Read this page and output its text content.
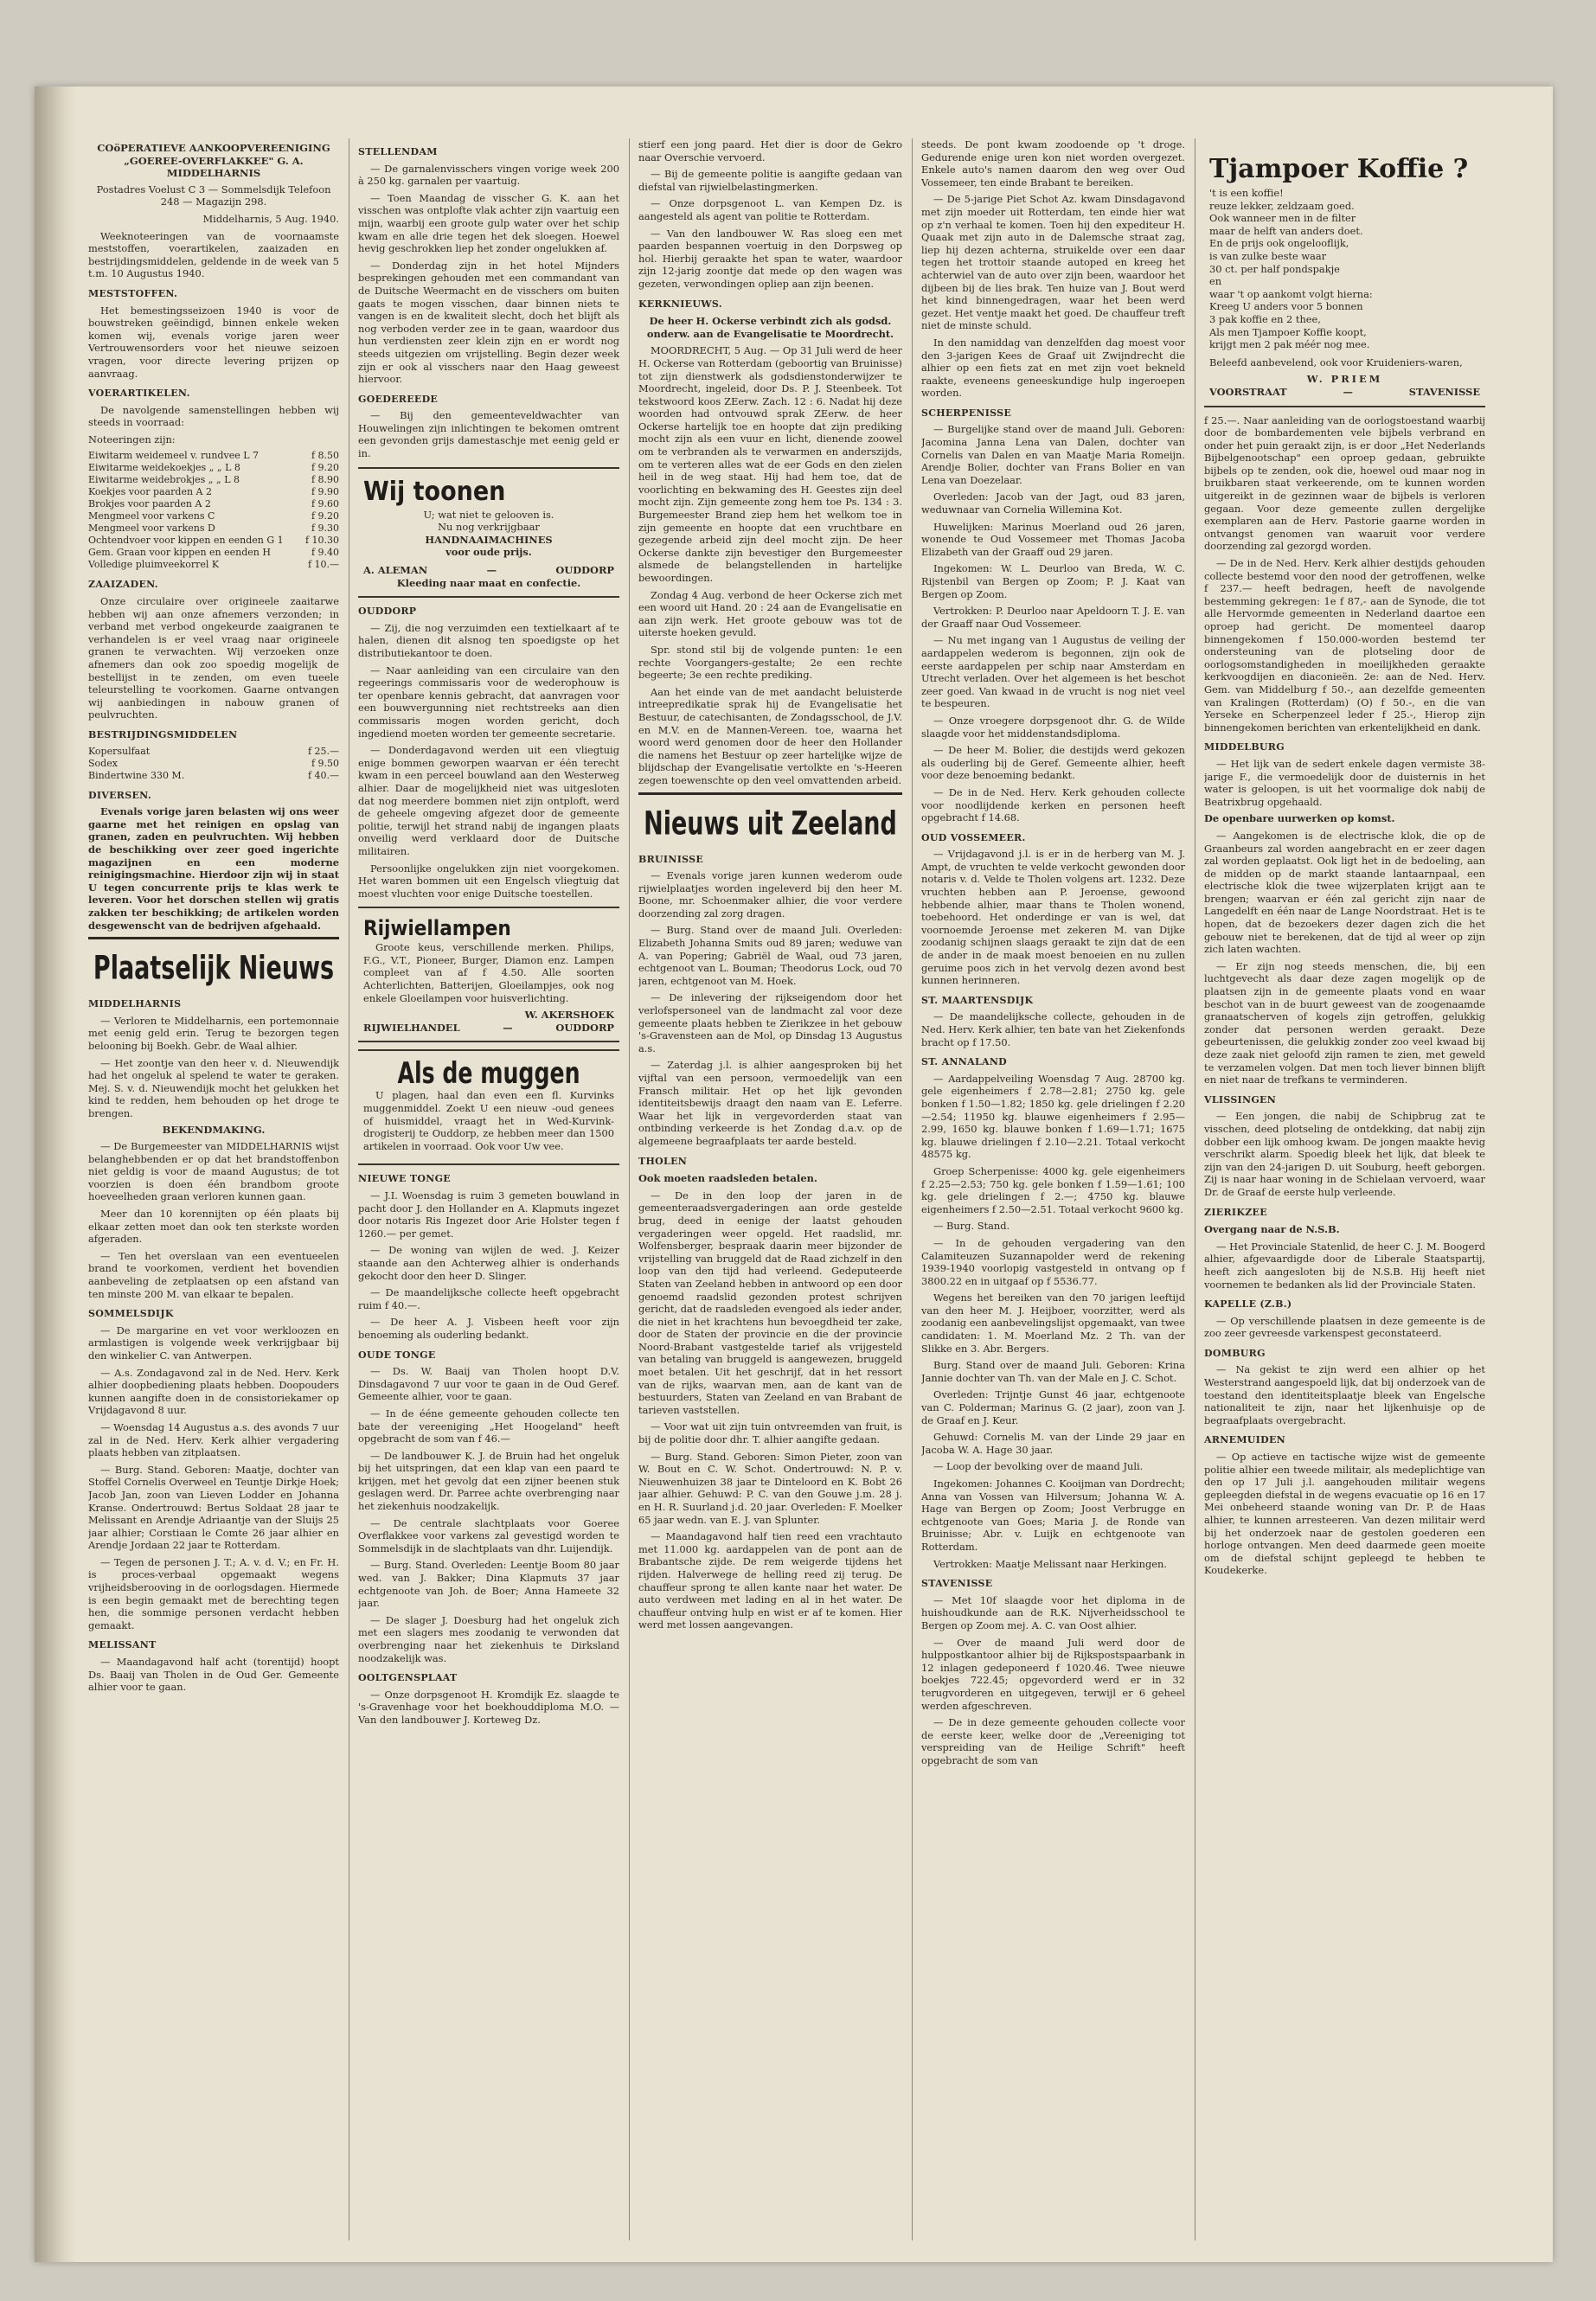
COöPERATIEVE AANKOOPVEREENIGING „GOEREE-OVERFLAKKEE" G. A. MIDDELHARNIS

Postadres Voelust C 3 — Sommelsdijk Telefoon 248 — Magazijn 298.

Middelharnis, 5 Aug. 1940.

Weeknoteeringen van de voornaamste meststoffen, voerartikelen, zaaizaden en bestrijdingsmiddelen, geldende in de week van 5 t.m. 10 Augustus 1940.

MESTSTOFFEN.

Het bemestingsseizoen 1940 is voor de bouwstreken geëindigd, binnen enkele weken komen wij, evenals vorige jaren weer Vertrouwensorders voor het nieuwe seizoen vragen, voor directe levering prijzen op aanvraag.

VOERARTIKELEN.

De navolgende samenstellingen hebben wij steeds in voorraad:

Noteeringen zijn:

Eiwitarm weidemeel v. rundvee L 7	f 8.50
Eiwitarme weidekoekjes „ „ L 8	f 9.20
Eiwitarme weidebrokjes „ „ L 8	f 8.90
Koekjes voor paarden A 2	f 9.90
Brokjes voor paarden A 2	f 9.60
Mengmeel voor varkens C	f 9.20
Mengmeel voor varkens D	f 9.30
Ochtendvoer voor kippen en eenden G 1	f 10.30
Gem. Graan voor kippen en eenden H	f 9.40
Volledige pluimveekorrel K	f 10.—
ZAAIZADEN.

Onze circulaire over origineele zaaitarwe hebben wij aan onze afnemers verzonden; in verband met verbod ongekeurde zaaigranen te verhandelen is er veel vraag naar origineele granen te verwachten. Wij verzoeken onze afnemers dan ook zoo spoedig mogelijk de bestellijst in te zenden, om even tueele teleurstelling te voorkomen. Gaarne ontvangen wij aanbiedingen in nabouw granen of peulvruchten.

BESTRIJDINGSMIDDELEN
Kopersulfaat	f 25.—
Sodex	f 9.50
Bindertwine 330 M.	f 40.—
DIVERSEN.

Evenals vorige jaren belasten wij ons weer gaarne met het reinigen en opslag van granen, zaden en peulvruchten. Wij hebben de beschikking over zeer goed ingerichte magazijnen en een moderne reinigingsmachine. Hierdoor zijn wij in staat U tegen concurrente prijs te klas werk te leveren. Voor het dorschen stellen wij gratis zakken ter beschikking; de artikelen worden desgewenscht van de bedrijven afgehaald.

Plaatselijk Nieuws
MIDDELHARNIS

— Verloren te Middelharnis, een portemonnaie met eenig geld erin. Terug te bezorgen tegen belooning bij Boekh. Gebr. de Waal alhier.

— Het zoontje van den heer v. d. Nieuwendijk had het ongeluk al spelend te water te geraken. Mej. S. v. d. Nieuwendijk mocht het gelukken het kind te redden, hem behouden op het droge te brengen.

BEKENDMAKING.

— De Burgemeester van MIDDELHARNIS wijst belanghebbenden er op dat het brandstoffenbon niet geldig is voor de maand Augustus; de tot voorzien is doen één brandbom groote hoeveelheden graan verloren kunnen gaan.

Meer dan 10 korennijten op één plaats bij elkaar zetten moet dan ook ten sterkste worden afgeraden.

— Ten het overslaan van een eventueelen brand te voorkomen, verdient het bovendien aanbeveling de zetplaatsen op een afstand van ten minste 200 M. van elkaar te bepalen.

SOMMELSDIJK

— De margarine en vet voor werkloozen en armlastigen is volgende week verkrijgbaar bij den winkelier C. van Antwerpen.

— A.s. Zondagavond zal in de Ned. Herv. Kerk alhier doopbediening plaats hebben. Doopouders kunnen aangifte doen in de consistoriekamer op Vrijdagavond 8 uur.

— Woensdag 14 Augustus a.s. des avonds 7 uur zal in de Ned. Herv. Kerk alhier vergadering plaats hebben van zitplaatsen.

— Burg. Stand. Geboren: Maatje, dochter van Stoffel Cornelis Overweel en Teuntje Dirkje Hoek; Jacob Jan, zoon van Lieven Lodder en Johanna Kranse. Ondertrouwd: Bertus Soldaat 28 jaar te Melissant en Arendje Adriaantje van der Sluijs 25 jaar alhier; Corstiaan le Comte 26 jaar alhier en Arendje Jordaan 22 jaar te Rotterdam.

— Tegen de personen J. T.; A. v. d. V.; en Fr. H. is proces-verbaal opgemaakt wegens vrijheidsberooving in de oorlogsdagen. Hiermede is een begin gemaakt met de berechting tegen hen, die sommige personen verdacht hebben gemaakt.

MELISSANT

— Maandagavond half acht (torentijd) hoopt Ds. Baaij van Tholen in de Oud Ger. Gemeente alhier voor te gaan.

STELLENDAM

— De garnalenvisschers vingen vorige week 200 à 250 kg. garnalen per vaartuig.

— Toen Maandag de visscher G. K. aan het visschen was ontplofte vlak achter zijn vaartuig een mijn, waarbij een groote gulp water over het schip kwam en alle drie tegen het dek sloegen. Hoewel hevig geschrokken liep het zonder ongelukken af.

— Donderdag zijn in het hotel Mijnders besprekingen gehouden met een commandant van de Duitsche Weermacht en de visschers om buiten gaats te mogen visschen, daar binnen niets te vangen is en de kwaliteit slecht, doch het blijft als nog verboden verder zee in te gaan, waardoor dus hun verdiensten zeer klein zijn en er wordt nog steeds uitgezien om vrijstelling. Begin dezer week zijn er ook al visschers naar den Haag geweest hiervoor.

GOEDEREEDE

— Bij den gemeenteveldwachter van Houwelingen zijn inlichtingen te bekomen omtrent een gevonden grijs damestaschje met eenig geld er in.

Wij toonen
U; wat niet te gelooven is.
Nu nog verkrijgbaar
HANDNAAIMACHINES
voor oude prijs.
A. ALEMAN	—	OUDDORP
Kleeding naar maat en confectie.
OUDDORP

— Zij, die nog verzuimden een textielkaart af te halen, dienen dit alsnog ten spoedigste op het distributiekantoor te doen.

— Naar aanleiding van een circulaire van den regeerings commissaris voor de wederophouw is ter openbare kennis gebracht, dat aanvragen voor een bouwvergunning niet rechtstreeks aan dien commissaris mogen worden gericht, doch ingediend moeten worden ter gemeente secretarie.

— Donderdagavond werden uit een vliegtuig enige bommen geworpen waarvan er één terecht kwam in een perceel bouwland aan den Westerweg alhier. Daar de mogelijkheid niet was uitgesloten dat nog meerdere bommen niet zijn ontploft, werd de geheele omgeving afgezet door de gemeente politie, terwijl het strand nabij de ingangen plaats onveilig werd verklaard door de Duitsche militairen.

Persoonlijke ongelukken zijn niet voorgekomen. Het waren bommen uit een Engelsch vliegtuig dat moest vluchten voor enige Duitsche toestellen.

Rijwiellampen

Groote keus, verschillende merken. Philips, F.G., V.T., Pioneer, Burger, Diamon enz. Lampen compleet van af f 4.50. Alle soorten Achterlichten, Batterijen, Gloeilampjes, ook nog enkele Gloeilampen voor huisverlichting.

W. AKERSHOEK
RIJWIELHANDEL	—	OUDDORP
Als de muggen

U plagen, haal dan even een fl. Kurvinks muggenmiddel. Zoekt U een nieuw -oud genees of huismiddel, vraagt het in Wed-Kurvink-drogisterij te Ouddorp, ze hebben meer dan 1500 artikelen in voorraad. Ook voor Uw vee.

NIEUWE TONGE

— J.I. Woensdag is ruim 3 gemeten bouwland in pacht door J. den Hollander en A. Klapmuts ingezet door notaris Ris Ingezet door Arie Holster tegen f 1260.— per gemet.

— De woning van wijlen de wed. J. Keizer staande aan den Achterweg alhier is onderhands gekocht door den heer D. Slinger.

— De maandelijksche collecte heeft opgebracht ruim f 40.—.

— De heer A. J. Visbeen heeft voor zijn benoeming als ouderling bedankt.

OUDE TONGE

— Ds. W. Baaij van Tholen hoopt D.V. Dinsdagavond 7 uur voor te gaan in de Oud Geref. Gemeente alhier, voor te gaan.

— In de ééne gemeente gehouden collecte ten bate der vereeniging „Het Hoogeland" heeft opgebracht de som van f 46.—

— De landbouwer K. J. de Bruin had het ongeluk bij het uitspringen, dat een klap van een paard te krijgen, met het gevolg dat een zijner beenen stuk geslagen werd. Dr. Parree achte overbrenging naar het ziekenhuis noodzakelijk.

— De centrale slachtplaats voor Goeree Overflakkee voor varkens zal gevestigd worden te Sommelsdijk in de slachtplaats van dhr. Luijendijk.

— Burg. Stand. Overleden: Leentje Boom 80 jaar wed. van J. Bakker; Dina Klapmuts 37 jaar echtgenoote van Joh. de Boer; Anna Hameete 32 jaar.

— De slager J. Doesburg had het ongeluk zich met een slagers mes zoodanig te verwonden dat overbrenging naar het ziekenhuis te Dirksland noodzakelijk was.

OOLTGENSPLAAT

— Onze dorpsgenoot H. Kromdijk Ez. slaagde te 's-Gravenhage voor het boekhouddiploma M.O. — Van den landbouwer J. Korteweg Dz.

stierf een jong paard. Het dier is door de Gekro naar Overschie vervoerd.

— Bij de gemeente politie is aangifte gedaan van diefstal van rijwielbelastingmerken.

— Onze dorpsgenoot L. van Kempen Dz. is aangesteld als agent van politie te Rotterdam.

— Van den landbouwer W. Ras sloeg een met paarden bespannen voertuig in den Dorpsweg op hol. Hierbij geraakte het span te water, waardoor zijn 12-jarig zoontje dat mede op den wagen was gezeten, verwondingen opliep aan zijn beenen.

KERKNIEUWS.
De heer H. Ockerse verbindt zich als godsd. onderw. aan de Evangelisatie te Moordrecht.

MOORDRECHT, 5 Aug. — Op 31 Juli werd de heer H. Ockerse van Rotterdam (geboortig van Bruinisse) tot zijn dienstwerk als godsdienstonderwijzer te Moordrecht, ingeleid, door Ds. P. J. Steenbeek. Tot tekstwoord koos ZEerw. Zach. 12 : 6. Nadat hij deze woorden had ontvouwd sprak ZEerw. de heer Ockerse hartelijk toe en hoopte dat zijn prediking mocht zijn als een vuur en licht, dienende zoowel om te verbranden als te verwarmen en anderszijds, om te verteren alles wat de eer Gods en den zielen heil in de weg staat. Hij had hem toe, dat de voorlichting en bekwaming des H. Geestes zijn deel mocht zijn. Zijn gemeente zong hem toe Ps. 134 : 3. Burgemeester Brand ziep hem het welkom toe in zijn gemeente en hoopte dat een vruchtbare en gezegende arbeid zijn deel mocht zijn. De heer Ockerse dankte zijn bevestiger den Burgemeester alsmede de belangstellenden in hartelijke bewoordingen.

Zondag 4 Aug. verbond de heer Ockerse zich met een woord uit Hand. 20 : 24 aan de Evangelisatie en aan zijn werk. Het groote gebouw was tot de uiterste hoeken gevuld.

Spr. stond stil bij de volgende punten: 1e een rechte Voorgangers-gestalte; 2e een rechte begeerte; 3e een rechte prediking.

Aan het einde van de met aandacht beluisterde intreepredikatie sprak hij de Evangelisatie het Bestuur, de catechisanten, de Zondagsschool, de J.V. en M.V. en de Mannen-Vereen. toe, waarna het woord werd genomen door de heer den Hollander die namens het Bestuur op zeer hartelijke wijze de blijdschap der Evangelisatie vertolkte en 's-Heeren zegen toewenschte op den veel omvattenden arbeid.

Nieuws uit Zeeland
BRUINISSE

— Evenals vorige jaren kunnen wederom oude rijwielplaatjes worden ingeleverd bij den heer M. Boone, mr. Schoenmaker alhier, die voor verdere doorzending zal zorg dragen.

— Burg. Stand over de maand Juli. Overleden: Elizabeth Johanna Smits oud 89 jaren; weduwe van A. van Popering; Gabriël de Waal, oud 73 jaren, echtgenoot van L. Bouman; Theodorus Lock, oud 70 jaren, echtgenoot van M. Hoek.

— De inlevering der rijkseigendom door het verlofspersoneel van de landmacht zal voor deze gemeente plaats hebben te Zierikzee in het gebouw 's-Gravensteen aan de Mol, op Dinsdag 13 Augustus a.s.

— Zaterdag j.l. is alhier aangesproken bij het vijftal van een persoon, vermoedelijk van een Fransch militair. Het op het lijk gevonden identiteitsbewijs draagt den naam van E. Leferre. Waar het lijk in vergevorderden staat van ontbinding verkeerde is het Zondag d.a.v. op de algemeene begraafplaats ter aarde besteld.

THOLEN
Ook moeten raadsleden betalen.

— De in den loop der jaren in de gemeenteraadsvergaderingen aan orde gestelde brug, deed in eenige der laatst gehouden vergaderingen weer opgeld. Het raadslid, mr. Wolfensberger, bespraak daarin meer bijzonder de vrijstelling van bruggeld dat de Raad zichzelf in den loop van den tijd had verleend. Gedeputeerde Staten van Zeeland hebben in antwoord op een door genoemd raadslid gezonden protest schrijven gericht, dat de raadsleden evengoed als ieder ander, die niet in het krachtens hun bevoegdheid ter zake, door de Staten der provincie en die der provincie Noord-Brabant vastgestelde tarief als vrijgesteld van betaling van bruggeld is aangewezen, bruggeld moet betalen. Uit het geschrijf, dat in het ressort van de rijks, waarvan men, aan de kant van de bestuurders, Staten van Zeeland en van Brabant de tarieven vaststellen.

— Voor wat uit zijn tuin ontvreemden van fruit, is bij de politie door dhr. T. alhier aangifte gedaan.

— Burg. Stand. Geboren: Simon Pieter, zoon van W. Bout en C. W. Schot. Ondertrouwd: N. P. v. Nieuwenhuizen 38 jaar te Dinteloord en K. Bobt 26 jaar alhier. Gehuwd: P. C. van den Gouwe j.m. 28 j. en H. R. Suurland j.d. 20 jaar. Overleden: F. Moelker 65 jaar wedn. van E. J. van Splunter.

— Maandagavond half tien reed een vrachtauto met 11.000 kg. aardappelen van de pont aan de Brabantsche zijde. De rem weigerde tijdens het rijden. Halverwege de helling reed zij terug. De chauffeur sprong te allen kante naar het water. De auto verdween met lading en al in het water. De chauffeur ontving hulp en wist er af te komen. Hier werd met lossen aangevangen.

steeds. De pont kwam zoodoende op 't droge. Gedurende enige uren kon niet worden overgezet. Enkele auto's namen daarom den weg over Oud Vossemeer, ten einde Brabant te bereiken.

— De 5-jarige Piet Schot Az. kwam Dinsdagavond met zijn moeder uit Rotterdam, ten einde hier wat op z'n verhaal te komen. Toen hij den expediteur H. Quaak met zijn auto in de Dalemsche straat zag, liep hij dezen achterna, struikelde over een daar tegen het trottoir staande autoped en kreeg het achterwiel van de auto over zijn been, waardoor het dijbeen bij de lies brak. Ten huize van J. Bout werd het kind binnengedragen, waar het been werd gezet. Het ventje maakt het goed. De chauffeur treft niet de minste schuld.

In den namiddag van denzelfden dag moest voor den 3-jarigen Kees de Graaf uit Zwijndrecht die alhier op een fiets zat en met zijn voet bekneld raakte, eveneens geneeskundige hulp ingeroepen worden.

SCHERPENISSE

— Burgelijke stand over de maand Juli. Geboren: Jacomina Janna Lena van Dalen, dochter van Cornelis van Dalen en van Maatje Maria Romeijn. Arendje Bolier, dochter van Frans Bolier en van Lena van Doezelaar.

Overleden: Jacob van der Jagt, oud 83 jaren, weduwnaar van Cornelia Willemina Kot.

Huwelijken: Marinus Moerland oud 26 jaren, wonende te Oud Vossemeer met Thomas Jacoba Elizabeth van der Graaff oud 29 jaren.

Ingekomen: W. L. Deurloo van Breda, W. C. Rijstenbil van Bergen op Zoom; P. J. Kaat van Bergen op Zoom.

Vertrokken: P. Deurloo naar Apeldoorn T. J. E. van der Graaff naar Oud Vossemeer.

— Nu met ingang van 1 Augustus de veiling der aardappelen wederom is begonnen, zijn ook de eerste aardappelen per schip naar Amsterdam en Utrecht verladen. Over het algemeen is het beschot zeer goed. Van kwaad in de vrucht is nog niet veel te bespeuren.

— Onze vroegere dorpsgenoot dhr. G. de Wilde slaagde voor het middenstandsdiploma.

— De heer M. Bolier, die destijds werd gekozen als ouderling bij de Geref. Gemeente alhier, heeft voor deze benoeming bedankt.

— De in de Ned. Herv. Kerk gehouden collecte voor noodlijdende kerken en personen heeft opgebracht f 14.68.

OUD VOSSEMEER.

— Vrijdagavond j.l. is er in de herberg van M. J. Ampt, de vruchten te velde verkocht gewonden door notaris v. d. Velde te Tholen volgens art. 1232. Deze vruchten hebben aan P. Jeroense, gewoond hebbende alhier, maar thans te Tholen wonend, toebehoord. Het onderdinge er van is wel, dat voornoemde Jeroense met zekeren M. van Dijke zoodanig schijnen slaags geraakt te zijn dat de een de ander in de maak moest benoeien en nu zullen geruime poos zich in het vervolg dezen avond best kunnen herinneren.

ST. MAARTENSDIJK

— De maandelijksche collecte, gehouden in de Ned. Herv. Kerk alhier, ten bate van het Ziekenfonds bracht op f 17.50.

ST. ANNALAND

— Aardappelveiling Woensdag 7 Aug. 28700 kg. gele eigenheimers f 2.78—2.81; 2750 kg. gele bonken f 1.50—1.82; 1850 kg. gele drielingen f 2.20—2.54; 11950 kg. blauwe eigenheimers f 2.95—2.99, 1650 kg. blauwe bonken f 1.69—1.71; 1675 kg. blauwe drielingen f 2.10—2.21. Totaal verkocht 48575 kg.

Groep Scherpenisse: 4000 kg. gele eigenheimers f 2.25—2.53; 750 kg. gele bonken f 1.59—1.61; 100 kg. gele drielingen f 2.—; 4750 kg. blauwe eigenheimers f 2.50—2.51. Totaal verkocht 9600 kg.

— Burg. Stand.

— In de gehouden vergadering van den Calamiteuzen Suzannapolder werd de rekening 1939-1940 voorlopig vastgesteld in ontvang op f 3800.22 en in uitgaaf op f 5536.77.

Wegens het bereiken van den 70 jarigen leeftijd van den heer M. J. Heijboer, voorzitter, werd als zoodanig een aanbevelingslijst opgemaakt, van twee candidaten: 1. M. Moerland Mz. 2 Th. van der Slikke en 3. Abr. Bergers.

Burg. Stand over de maand Juli. Geboren: Krina Jannie dochter van Th. van der Male en J. C. Schot.

Overleden: Trijntje Gunst 46 jaar, echtgenoote van C. Polderman; Marinus G. (2 jaar), zoon van J. de Graaf en J. Keur.

Gehuwd: Cornelis M. van der Linde 29 jaar en Jacoba W. A. Hage 30 jaar.

— Loop der bevolking over de maand Juli.

Ingekomen: Johannes C. Kooijman van Dordrecht; Anna van Vossen van Hilversum; Johanna W. A. Hage van Bergen op Zoom; Joost Verbrugge en echtgenoote van Goes; Maria J. de Ronde van Bruinisse; Abr. v. Luijk en echtgenoote van Rotterdam.

Vertrokken: Maatje Melissant naar Herkingen.

STAVENISSE

— Met 10f slaagde voor het diploma in de huishoudkunde aan de R.K. Nijverheidsschool te Bergen op Zoom mej. A. C. van Oost alhier.

— Over de maand Juli werd door de hulppostkantoor alhier bij de Rijkspostspaarbank in 12 inlagen gedeponeerd f 1020.46. Twee nieuwe boekjes 722.45; opgevorderd werd er in 32 terugvorderen en uitgegeven, terwijl er 6 geheel werden afgeschreven.

— De in deze gemeente gehouden collecte voor de eerste keer, welke door de „Vereeniging tot verspreiding van de Heilige Schrift" heeft opgebracht de som van

Tjampoer Koffie ?
't is een koffie!
reuze lekker, zeldzaam goed.
Ook wanneer men in de filter
maar de helft van anders doet.
En de prijs ook ongelooflijk,
is van zulke beste waar
30 ct. per half pondspakje
en
waar 't op aankomt volgt hierna:
Kreeg U anders voor 5 bonnen
3 pak koffie en 2 thee,
Als men Tjampoer Koffie koopt,
krijgt men 2 pak méér nog mee.

Beleefd aanbevelend, ook voor Kruideniers-waren,

W. PRIEM
VOORSTRAAT	—	STAVENISSE

f 25.—. Naar aanleiding van de oorlogstoestand waarbij door de bombardementen vele bijbels verbrand en onder het puin geraakt zijn, is er door „Het Nederlands Bijbelgenootschap" een oproep gedaan, gebruikte bijbels op te zenden, ook die, hoewel oud maar nog in bruikbaren staat verkeerende, om te kunnen worden uitgereikt in de gezinnen waar de bijbels is verloren gegaan. Voor deze gemeente zullen dergelijke exemplaren aan de Herv. Pastorie gaarne worden in ontvangst genomen van waaruit voor verdere doorzending zal gezorgd worden.

— De in de Ned. Herv. Kerk alhier destijds gehouden collecte bestemd voor den nood der getroffenen, welke f 237.— heeft bedragen, heeft de navolgende bestemming gekregen: 1e f 87,- aan de Synode, die tot alle Hervormde gemeenten in Nederland daartoe een oproep had gericht. De momenteel daarop binnengekomen f 150.000-worden bestemd ter ondersteuning van de plotseling door de oorlogsomstandigheden in moeilijkheden geraakte kerkvoogdijen en diaconieën. 2e: aan de Ned. Herv. Gem. van Middelburg f 50.-, aan dezelfde gemeenten van Kralingen (Rotterdam) (O) f 50.-, en die van Yerseke en Scherpenzeel leder f 25.-, Hierop zijn binnengekomen berichten van erkentelijkheid en dank.

MIDDELBURG

— Het lijk van de sedert enkele dagen vermiste 38-jarige F., die vermoedelijk door de duisternis in het water is geloopen, is uit het voormalige dok nabij de Beatrixbrug opgehaald.

De openbare uurwerken op komst.

— Aangekomen is de electrische klok, die op de Graanbeurs zal worden aangebracht en er zeer dagen zal worden geplaatst. Ook ligt het in de bedoeling, aan de midden op de markt staande lantaarnpaal, een electrische klok die twee wijzerplaten krijgt aan te brengen; waarvan er één zal gericht zijn naar de Langedelft en één naar de Lange Noordstraat. Het is te hopen, dat de bezoekers dezer dagen zich die het gebouw niet te berekenen, dat de tijd al weer op zijn zich laten wachten.

— Er zijn nog steeds menschen, die, bij een luchtgevecht als daar deze zagen mogelijk op de plaatsen zijn in de gemeente plaats vond en waar beschot van in de buurt geweest van de zoogenaamde granaatscherven of kogels zijn getroffen, gelukkig zonder dat personen werden geraakt. Deze gebeurtenissen, die gelukkig zonder zoo veel kwaad bij deze zaak niet geloofd zijn ramen te zien, met geweld te verzamelen volgen. Dat men toch liever binnen blijft en niet naar de trefkans te verminderen.

VLISSINGEN

— Een jongen, die nabij de Schipbrug zat te visschen, deed plotseling de ontdekking, dat nabij zijn dobber een lijk omhoog kwam. De jongen maakte hevig verschrikt alarm. Spoedig bleek het lijk, dat bleek te zijn van den 24-jarigen D. uit Souburg, heeft geborgen. Zij is naar haar woning in de Schielaan vervoerd, waar Dr. de Graaf de eerste hulp verleende.

ZIERIKZEE
Overgang naar de N.S.B.

— Het Provinciale Statenlid, de heer C. J. M. Boogerd alhier, afgevaardigde door de Liberale Staatspartij, heeft zich aangesloten bij de N.S.B. Hij heeft niet voornemen te bedanken als lid der Provinciale Staten.

KAPELLE (Z.B.)

— Op verschillende plaatsen in deze gemeente is de zoo zeer gevreesde varkenspest geconstateerd.

DOMBURG

— Na gekist te zijn werd een alhier op het Westerstrand aangespoeld lijk, dat bij onderzoek van de toestand den identiteitsplaatje bleek van Engelsche nationaliteit te zijn, naar het lijkenhuisje op de begraafplaats overgebracht.

ARNEMUIDEN

— Op actieve en tactische wijze wist de gemeente politie alhier een tweede militair, als medeplichtige van den op 17 Juli j.l. aangehouden militair wegens gepleegden diefstal in de wegens evacuatie op 16 en 17 Mei onbeheerd staande woning van Dr. P. de Haas alhier, te kunnen arresteeren. Van dezen militair werd bij het onderzoek naar de gestolen goederen een horloge ontvangen. Men deed daarmede geen moeite om de diefstal schijnt gepleegd te hebben te Koudekerke.
